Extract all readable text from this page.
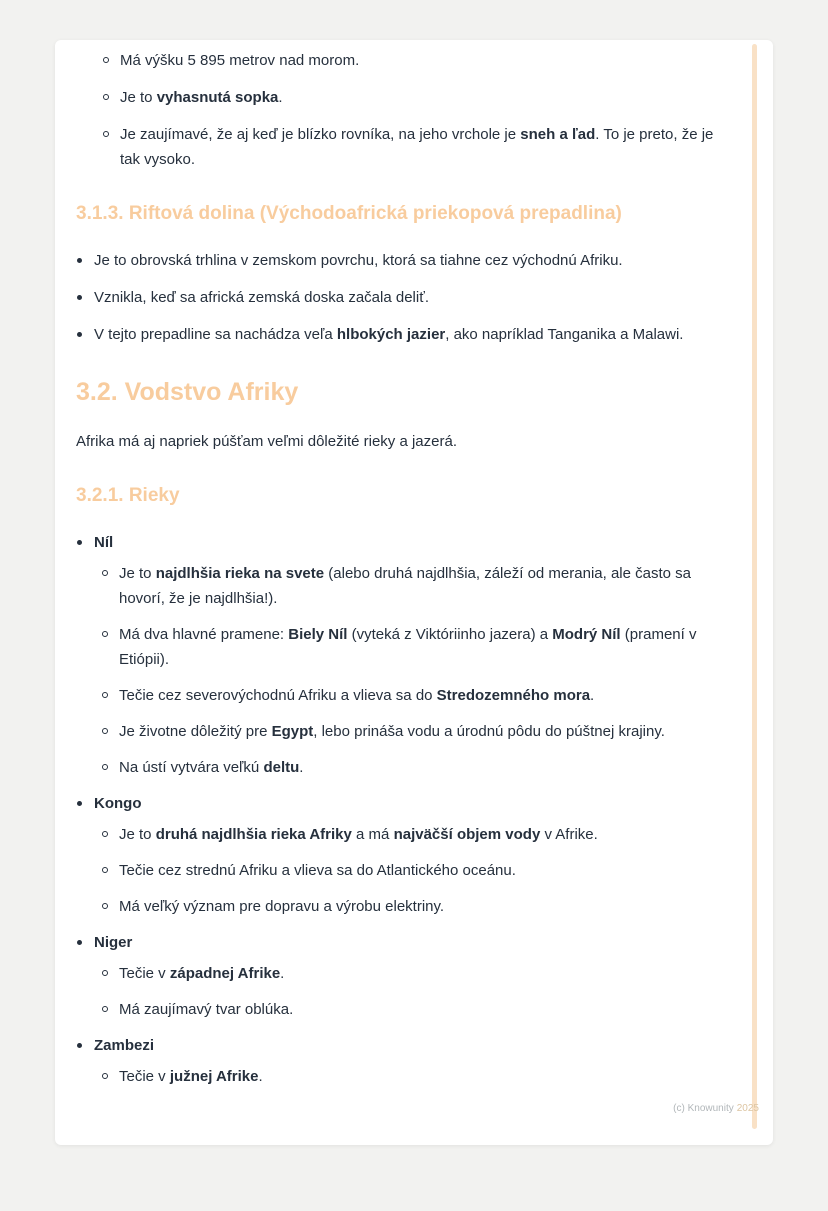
Má výšku 5 895 metrov nad morom.
Je to vyhasnutá sopka.
Je zaujímavé, že aj keď je blízko rovníka, na jeho vrchole je sneh a ľad. To je preto, že je tak vysoko.
3.1.3. Riftová dolina (Východoafrická priekopová prepadlina)
Je to obrovská trhlina v zemskom povrchu, ktorá sa tiahne cez východnú Afriku.
Vznikla, keď sa africká zemská doska začala deliť.
V tejto prepadline sa nachádza veľa hlbokých jazier, ako napríklad Tanganika a Malawi.
3.2. Vodstvo Afriky

Afrika má aj napriek púšťam veľmi dôležité rieky a jazerá.

3.2.1. Rieky
Níl
Je to najdlhšia rieka na svete (alebo druhá najdlhšia, záleží od merania, ale často sa hovorí, že je najdlhšia!).
Má dva hlavné pramene: Biely Níl (vyteká z Viktóriinho jazera) a Modrý Níl (pramení v Etiópii).
Tečie cez severovýchodnú Afriku a vlieva sa do Stredozemného mora.
Je životne dôležitý pre Egypt, lebo prináša vodu a úrodnú pôdu do púštnej krajiny.
Na ústí vytvára veľkú deltu.
Kongo
Je to druhá najdlhšia rieka Afriky a má najväčší objem vody v Afrike.
Tečie cez strednú Afriku a vlieva sa do Atlantického oceánu.
Má veľký význam pre dopravu a výrobu elektriny.
Niger
Tečie v západnej Afrike.
Má zaujímavý tvar oblúka.
Zambezi
Tečie v južnej Afrike.
(c) Knowunity 2025
